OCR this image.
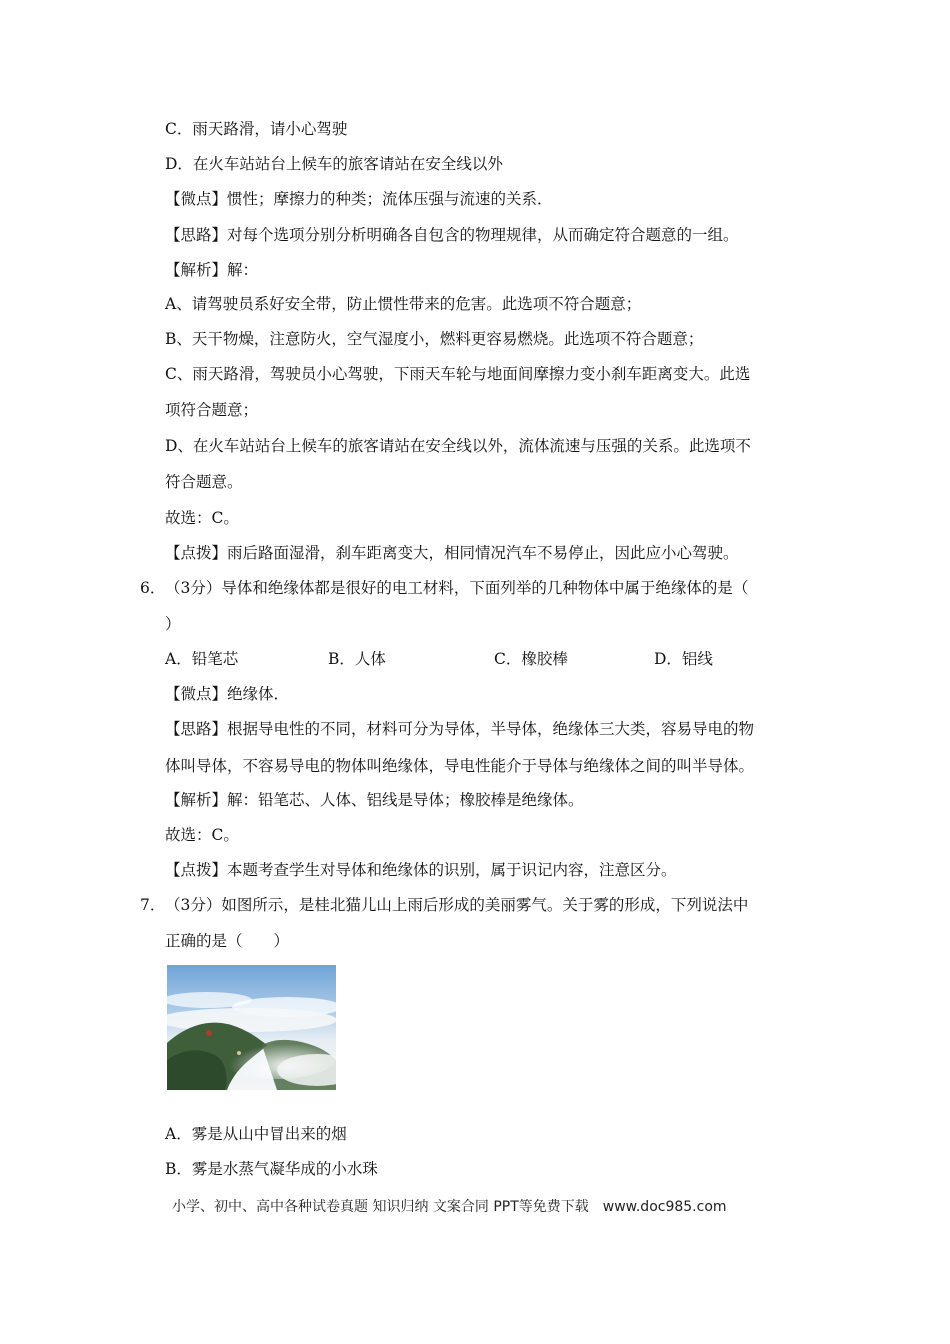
C．雨天路滑，请小心驾驶
D．在火车站站台上候车的旅客请站在安全线以外
【微点】惯性；摩擦力的种类；流体压强与流速的关系．
【思路】对每个选项分别分析明确各自包含的物理规律，从而确定符合题意的一组。
【解析】解：
A、请驾驶员系好安全带，防止惯性带来的危害。此选项不符合题意；
B、天干物燥，注意防火，空气湿度小，燃料更容易燃烧。此选项不符合题意；
C、雨天路滑，驾驶员小心驾驶，下雨天车轮与地面间摩擦力变小刹车距离变大。此选
项符合题意；
D、在火车站站台上候车的旅客请站在安全线以外，流体流速与压强的关系。此选项不
符合题意。
故选：C。
【点拨】雨后路面湿滑，刹车距离变大，相同情况汽车不易停止，因此应小心驾驶。
6． （3分）导体和绝缘体都是很好的电工材料，下面列举的几种物体中属于绝缘体的是（
）
A．铅笔芯	B．人体	C．橡胶棒	D．铝线
【微点】绝缘体．
【思路】根据导电性的不同，材料可分为导体，半导体，绝缘体三大类，容易导电的物
体叫导体，不容易导电的物体叫绝缘体，导电性能介于导体与绝缘体之间的叫半导体。
【解析】解：铅笔芯、人体、铝线是导体；橡胶棒是绝缘体。
故选：C。
【点拨】本题考查学生对导体和绝缘体的识别，属于识记内容，注意区分。
7． （3分）如图所示，是桂北猫儿山上雨后形成的美丽雾气。关于雾的形成，下列说法中
正确的是（　　）
A．雾是从山中冒出来的烟
B．雾是水蒸气凝华成的小水珠
小学、初中、高中各种试卷真题 知识归纳 文案合同 PPT等免费下载　www.doc985.com
